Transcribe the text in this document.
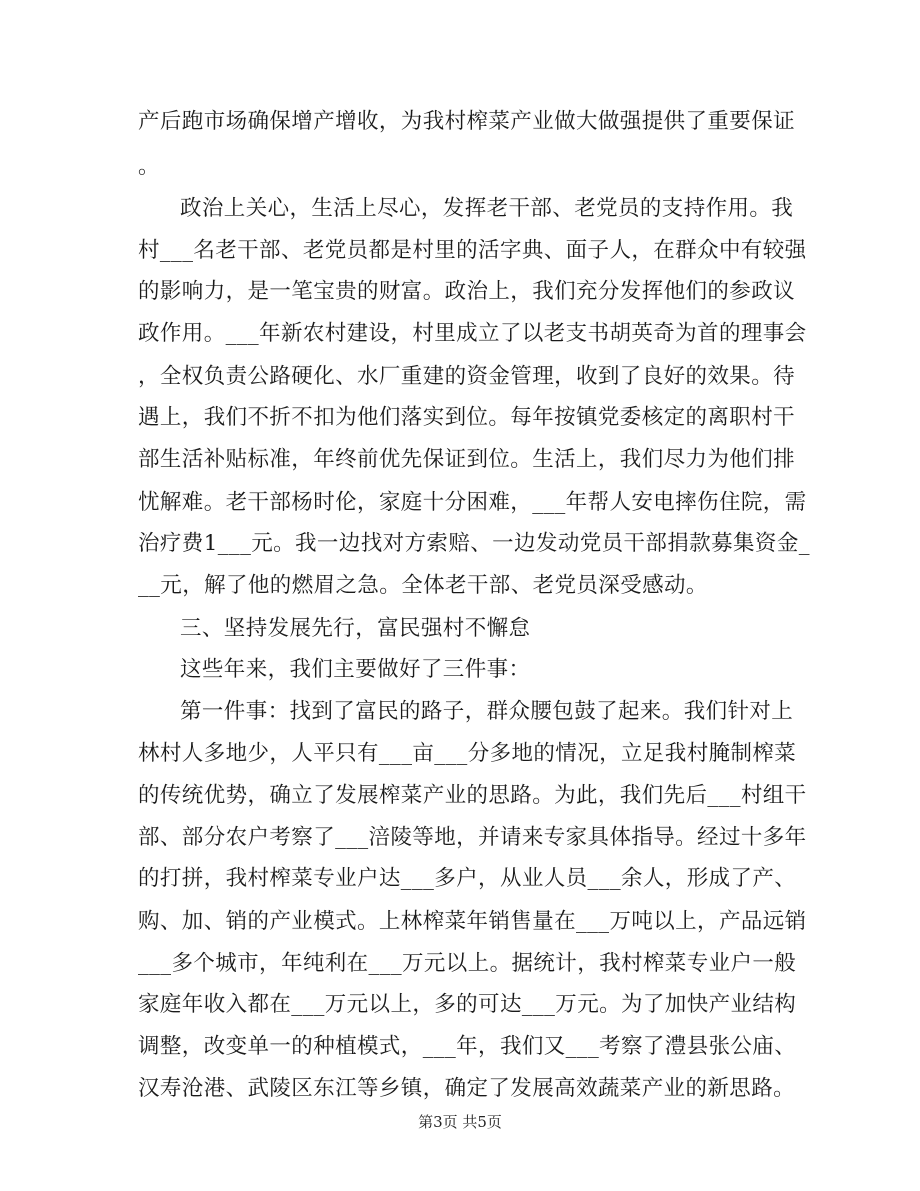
产后跑市场确保增产增收，为我村榨菜产业做大做强提供了重要保证
。
政治上关心，生活上尽心，发挥老干部、老党员的支持作用。我
村___名老干部、老党员都是村里的活字典、面子人，在群众中有较强
的影响力，是一笔宝贵的财富。政治上，我们充分发挥他们的参政议
政作用。___年新农村建设，村里成立了以老支书胡英奇为首的理事会
，全权负责公路硬化、水厂重建的资金管理，收到了良好的效果。待
遇上，我们不折不扣为他们落实到位。每年按镇党委核定的离职村干
部生活补贴标准，年终前优先保证到位。生活上，我们尽力为他们排
忧解难。老干部杨时伦，家庭十分困难，___年帮人安电摔伤住院，需
治疗费1___元。我一边找对方索赔、一边发动党员干部捐款募集资金_
__元，解了他的燃眉之急。全体老干部、老党员深受感动。
三、坚持发展先行，富民强村不懈怠
这些年来，我们主要做好了三件事：
第一件事：找到了富民的路子，群众腰包鼓了起来。我们针对上
林村人多地少，人平只有___亩___分多地的情况，立足我村腌制榨菜
的传统优势，确立了发展榨菜产业的思路。为此，我们先后___村组干
部、部分农户考察了___涪陵等地，并请来专家具体指导。经过十多年
的打拼，我村榨菜专业户达___多户，从业人员___余人，形成了产、
购、加、销的产业模式。上林榨菜年销售量在___万吨以上，产品远销
___多个城市，年纯利在___万元以上。据统计，我村榨菜专业户一般
家庭年收入都在___万元以上，多的可达___万元。为了加快产业结构
调整，改变单一的种植模式，___年，我们又___考察了澧县张公庙、
汉寿沧港、武陵区东江等乡镇，确定了发展高效蔬菜产业的新思路。
第3页 共5页
